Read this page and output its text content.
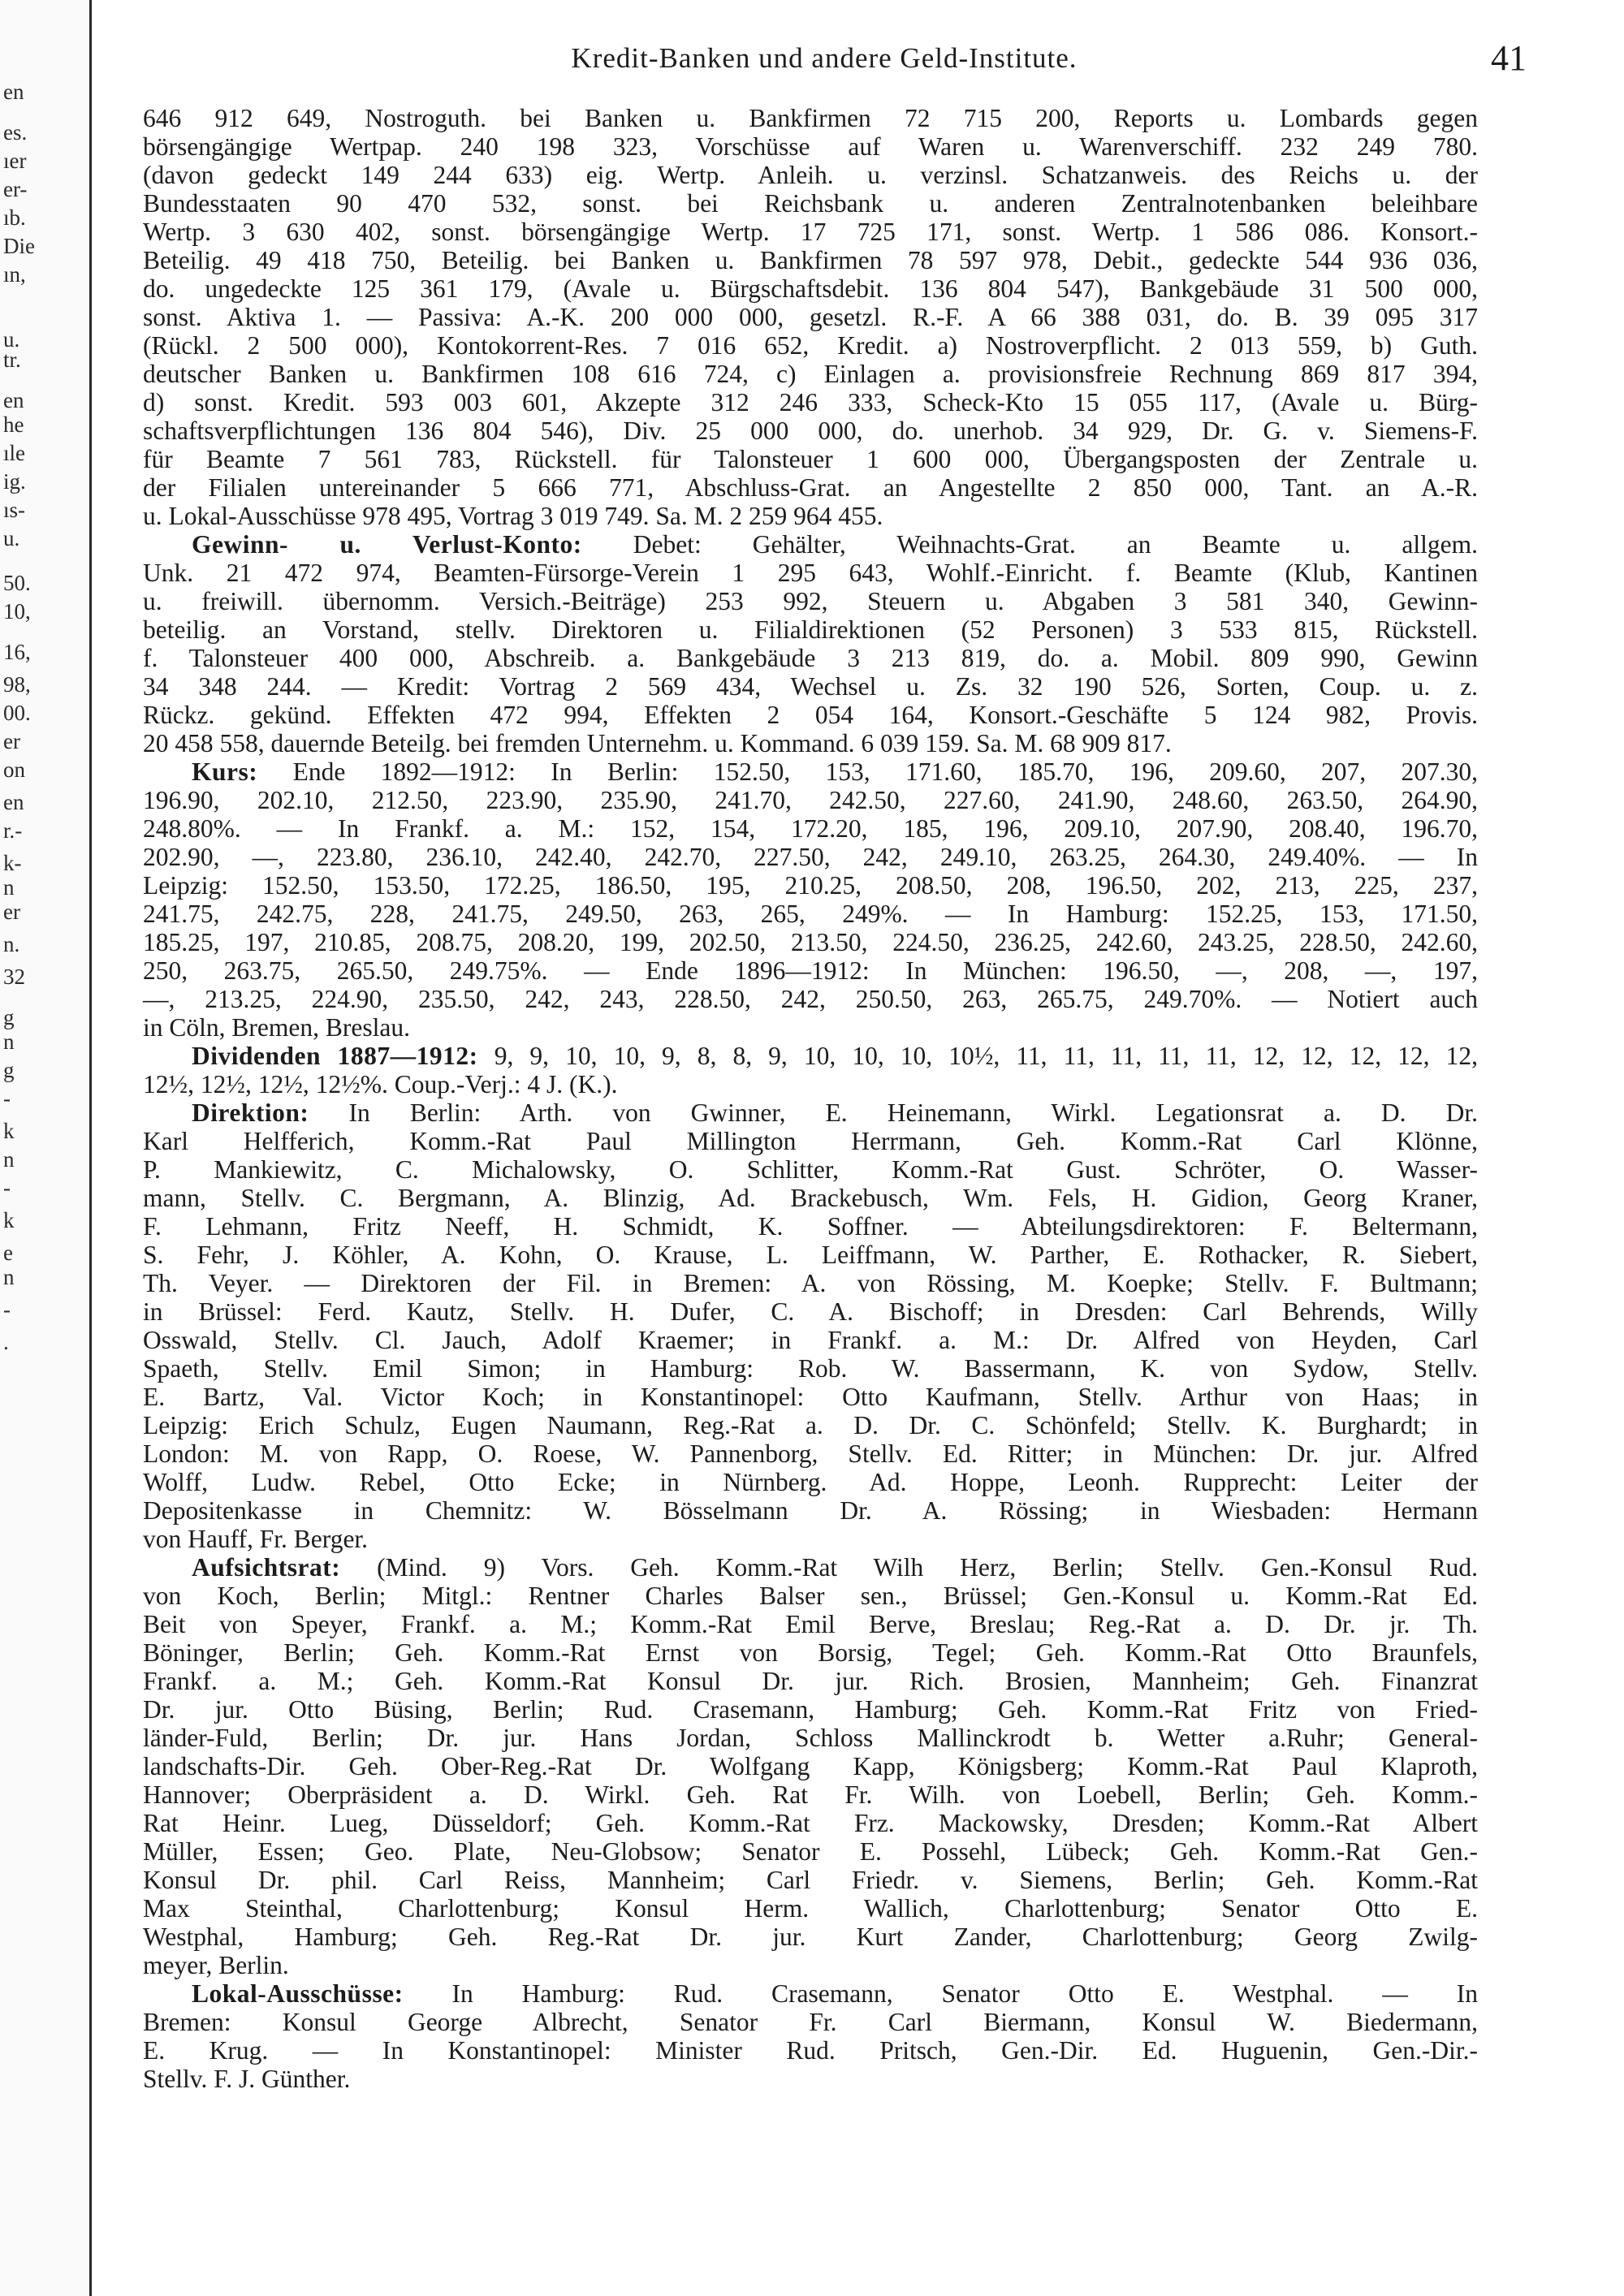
en
es.
ıer
er-
ıb.
Die
ın,
u.
tr.
en
he
ıle
ig.
ıs-
u.
50.
10,
16,
98,
00.
er
on
en
r.-
k-
n
er
n.
32
g
n
g
-
k
n
-
k
e
n
-
.
Kredit-Banken und andere Geld-Institute.	41
646 912 649, Nostroguth. bei Banken u. Bankfirmen 72 715 200, Reports u. Lombards gegen
börsengängige Wertpap. 240 198 323, Vorschüsse auf Waren u. Warenverschiff. 232 249 780.
(davon gedeckt 149 244 633) eig. Wertp. Anleih. u. verzinsl. Schatzanweis. des Reichs u. der
Bundesstaaten 90 470 532, sonst. bei Reichsbank u. anderen Zentralnotenbanken beleihbare
Wertp. 3 630 402, sonst. börsengängige Wertp. 17 725 171, sonst. Wertp. 1 586 086. Konsort.-
Beteilig. 49 418 750, Beteilig. bei Banken u. Bankfirmen 78 597 978, Debit., gedeckte 544 936 036,
do. ungedeckte 125 361 179, (Avale u. Bürgschaftsdebit. 136 804 547), Bankgebäude 31 500 000,
sonst. Aktiva 1. — Passiva: A.-K. 200 000 000, gesetzl. R.-F. A 66 388 031, do. B. 39 095 317
(Rückl. 2 500 000), Kontokorrent-Res. 7 016 652, Kredit. a) Nostroverpflicht. 2 013 559, b) Guth.
deutscher Banken u. Bankfirmen 108 616 724, c) Einlagen a. provisionsfreie Rechnung 869 817 394,
d) sonst. Kredit. 593 003 601, Akzepte 312 246 333, Scheck-Kto 15 055 117, (Avale u. Bürg-
schaftsverpflichtungen 136 804 546), Div. 25 000 000, do. unerhob. 34 929, Dr. G. v. Siemens-F.
für Beamte 7 561 783, Rückstell. für Talonsteuer 1 600 000, Übergangsposten der Zentrale u.
der Filialen untereinander 5 666 771, Abschluss-Grat. an Angestellte 2 850 000, Tant. an A.-R.
u. Lokal-Ausschüsse 978 495, Vortrag 3 019 749. Sa. M. 2 259 964 455.
Gewinn- u. Verlust-Konto: Debet: Gehälter, Weihnachts-Grat. an Beamte u. allgem.
Unk. 21 472 974, Beamten-Fürsorge-Verein 1 295 643, Wohlf.-Einricht. f. Beamte (Klub, Kantinen
u. freiwill. übernomm. Versich.-Beiträge) 253 992, Steuern u. Abgaben 3 581 340, Gewinn-
beteilig. an Vorstand, stellv. Direktoren u. Filialdirektionen (52 Personen) 3 533 815, Rückstell.
f. Talonsteuer 400 000, Abschreib. a. Bankgebäude 3 213 819, do. a. Mobil. 809 990, Gewinn
34 348 244. — Kredit: Vortrag 2 569 434, Wechsel u. Zs. 32 190 526, Sorten, Coup. u. z.
Rückz. gekünd. Effekten 472 994, Effekten 2 054 164, Konsort.-Geschäfte 5 124 982, Provis.
20 458 558, dauernde Beteilg. bei fremden Unternehm. u. Kommand. 6 039 159. Sa. M. 68 909 817.
Kurs: Ende 1892—1912: In Berlin: 152.50, 153, 171.60, 185.70, 196, 209.60, 207, 207.30,
196.90, 202.10, 212.50, 223.90, 235.90, 241.70, 242.50, 227.60, 241.90, 248.60, 263.50, 264.90,
248.80%. — In Frankf. a. M.: 152, 154, 172.20, 185, 196, 209.10, 207.90, 208.40, 196.70,
202.90, —, 223.80, 236.10, 242.40, 242.70, 227.50, 242, 249.10, 263.25, 264.30, 249.40%. — In
Leipzig: 152.50, 153.50, 172.25, 186.50, 195, 210.25, 208.50, 208, 196.50, 202, 213, 225, 237,
241.75, 242.75, 228, 241.75, 249.50, 263, 265, 249%. — In Hamburg: 152.25, 153, 171.50,
185.25, 197, 210.85, 208.75, 208.20, 199, 202.50, 213.50, 224.50, 236.25, 242.60, 243.25, 228.50, 242.60,
250, 263.75, 265.50, 249.75%. — Ende 1896—1912: In München: 196.50, —, 208, —, 197,
—, 213.25, 224.90, 235.50, 242, 243, 228.50, 242, 250.50, 263, 265.75, 249.70%. — Notiert auch
in Cöln, Bremen, Breslau.
Dividenden 1887—1912: 9, 9, 10, 10, 9, 8, 8, 9, 10, 10, 10, 10½, 11, 11, 11, 11, 11, 12, 12, 12, 12, 12,
12½, 12½, 12½, 12½%. Coup.-Verj.: 4 J. (K.).
Direktion: In Berlin: Arth. von Gwinner, E. Heinemann, Wirkl. Legationsrat a. D. Dr.
Karl Helfferich, Komm.-Rat Paul Millington Herrmann, Geh. Komm.-Rat Carl Klönne,
P. Mankiewitz, C. Michalowsky, O. Schlitter, Komm.-Rat Gust. Schröter, O. Wasser-
mann, Stellv. C. Bergmann, A. Blinzig, Ad. Brackebusch, Wm. Fels, H. Gidion, Georg Kraner,
F. Lehmann, Fritz Neeff, H. Schmidt, K. Soffner. — Abteilungsdirektoren: F. Beltermann,
S. Fehr, J. Köhler, A. Kohn, O. Krause, L. Leiffmann, W. Parther, E. Rothacker, R. Siebert,
Th. Veyer. — Direktoren der Fil. in Bremen: A. von Rössing, M. Koepke; Stellv. F. Bultmann;
in Brüssel: Ferd. Kautz, Stellv. H. Dufer, C. A. Bischoff; in Dresden: Carl Behrends, Willy
Osswald, Stellv. Cl. Jauch, Adolf Kraemer; in Frankf. a. M.: Dr. Alfred von Heyden, Carl
Spaeth, Stellv. Emil Simon; in Hamburg: Rob. W. Bassermann, K. von Sydow, Stellv.
E. Bartz, Val. Victor Koch; in Konstantinopel: Otto Kaufmann, Stellv. Arthur von Haas; in
Leipzig: Erich Schulz, Eugen Naumann, Reg.-Rat a. D. Dr. C. Schönfeld; Stellv. K. Burghardt; in
London: M. von Rapp, O. Roese, W. Pannenborg, Stellv. Ed. Ritter; in München: Dr. jur. Alfred
Wolff, Ludw. Rebel, Otto Ecke; in Nürnberg. Ad. Hoppe, Leonh. Rupprecht: Leiter der
Depositenkasse in Chemnitz: W. Bösselmann Dr. A. Rössing; in Wiesbaden: Hermann
von Hauff, Fr. Berger.
Aufsichtsrat: (Mind. 9) Vors. Geh. Komm.-Rat Wilh Herz, Berlin; Stellv. Gen.-Konsul Rud.
von Koch, Berlin; Mitgl.: Rentner Charles Balser sen., Brüssel; Gen.-Konsul u. Komm.-Rat Ed.
Beit von Speyer, Frankf. a. M.; Komm.-Rat Emil Berve, Breslau; Reg.-Rat a. D. Dr. jr. Th.
Böninger, Berlin; Geh. Komm.-Rat Ernst von Borsig, Tegel; Geh. Komm.-Rat Otto Braunfels,
Frankf. a. M.; Geh. Komm.-Rat Konsul Dr. jur. Rich. Brosien, Mannheim; Geh. Finanzrat
Dr. jur. Otto Büsing, Berlin; Rud. Crasemann, Hamburg; Geh. Komm.-Rat Fritz von Fried-
länder-Fuld, Berlin; Dr. jur. Hans Jordan, Schloss Mallinckrodt b. Wetter a.Ruhr; General-
landschafts-Dir. Geh. Ober-Reg.-Rat Dr. Wolfgang Kapp, Königsberg; Komm.-Rat Paul Klaproth,
Hannover; Oberpräsident a. D. Wirkl. Geh. Rat Fr. Wilh. von Loebell, Berlin; Geh. Komm.-
Rat Heinr. Lueg, Düsseldorf; Geh. Komm.-Rat Frz. Mackowsky, Dresden; Komm.-Rat Albert
Müller, Essen; Geo. Plate, Neu-Globsow; Senator E. Possehl, Lübeck; Geh. Komm.-Rat Gen.-
Konsul Dr. phil. Carl Reiss, Mannheim; Carl Friedr. v. Siemens, Berlin; Geh. Komm.-Rat
Max Steinthal, Charlottenburg; Konsul Herm. Wallich, Charlottenburg; Senator Otto E.
Westphal, Hamburg; Geh. Reg.-Rat Dr. jur. Kurt Zander, Charlottenburg; Georg Zwilg-
meyer, Berlin.
Lokal-Ausschüsse: In Hamburg: Rud. Crasemann, Senator Otto E. Westphal. — In
Bremen: Konsul George Albrecht, Senator Fr. Carl Biermann, Konsul W. Biedermann,
E. Krug. — In Konstantinopel: Minister Rud. Pritsch, Gen.-Dir. Ed. Huguenin, Gen.-Dir.-
Stellv. F. J. Günther.
